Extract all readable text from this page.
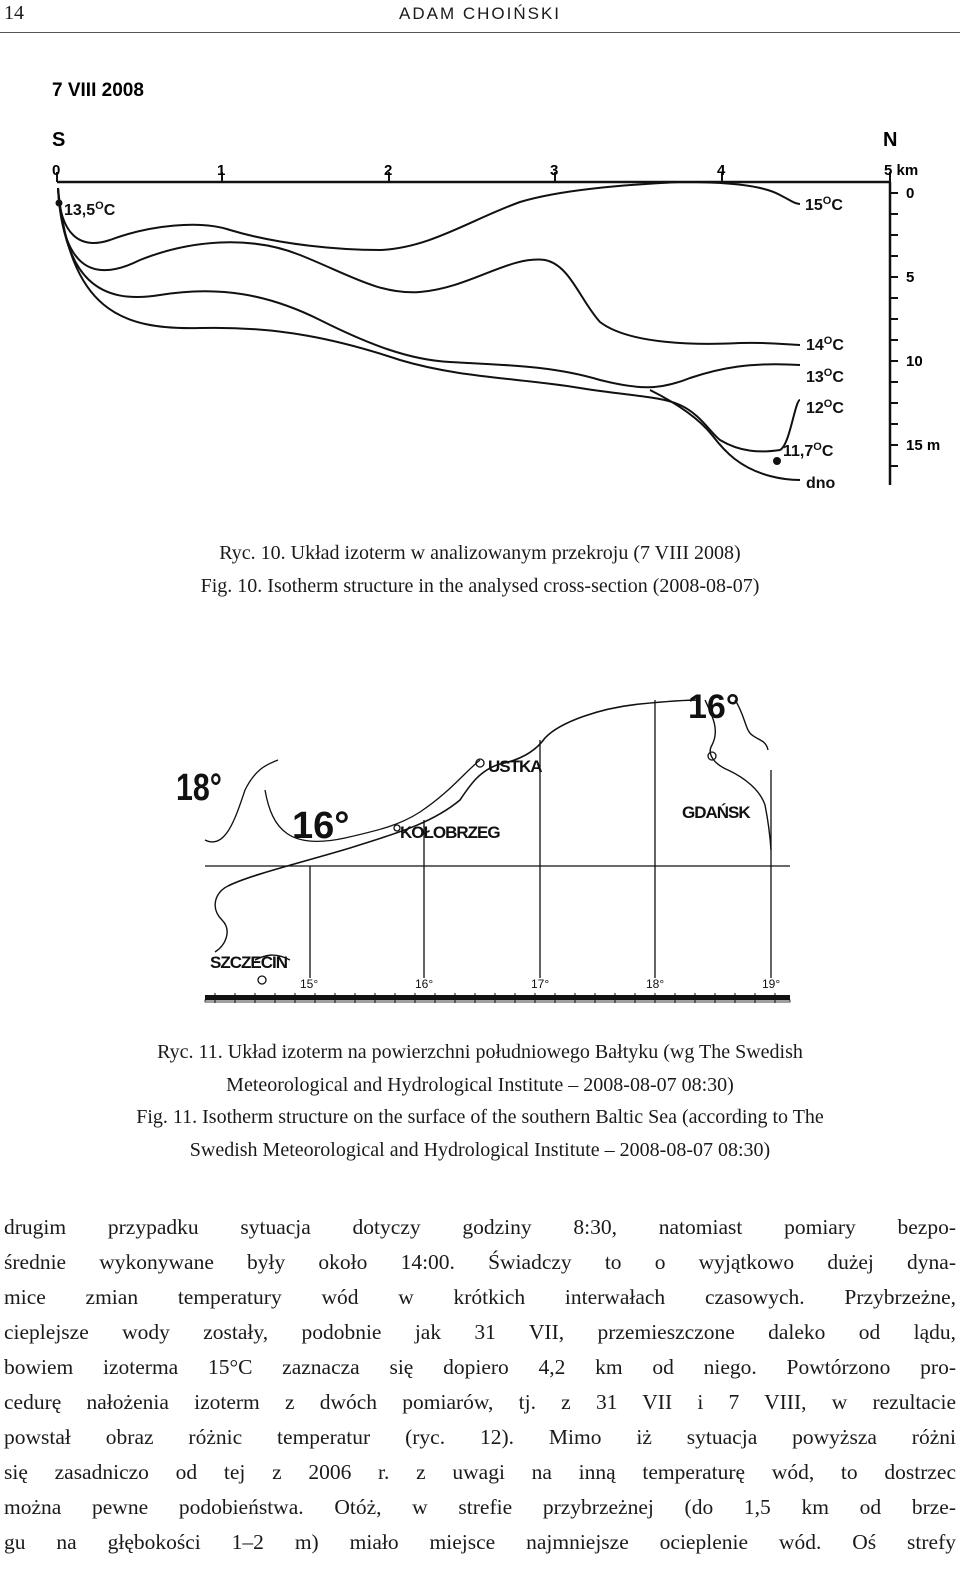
14	ADAM CHOIŃSKI
7 VIII 2008
S	N
0	1	2	3	4	5 km
0
5
10
15 m
$13,5^OC$	$15^OC$
$14^OC$
$13^OC$
$12^OC$
$11,7^OC$
dno
Ryc. 10. Układ izoterm w analizowanym przekroju (7 VIII 2008)
Fig. 10. Isotherm structure in the analysed cross-section (2008-08-07)
18°
16°
16°
USTKA
KOŁOBRZEG
GDAŃSK
SZCZECIN
15°	16°	17°	18°	19°
Ryc. 11. Układ izoterm na powierzchni południowego Bałtyku (wg The Swedish
Meteorological and Hydrological Institute – 2008-08-07 08:30)
Fig. 11. Isotherm structure on the surface of the southern Baltic Sea (according to The
Swedish Meteorological and Hydrological Institute – 2008-08-07 08:30)
drugim przypadku sytuacja dotyczy godziny 8:30, natomiast pomiary bezpo-
średnie wykonywane były około 14:00. Świadczy to o wyjątkowo dużej dyna-
mice zmian temperatury wód w krótkich interwałach czasowych. Przybrzeżne,
cieplejsze wody zostały, podobnie jak 31 VII, przemieszczone daleko od lądu,
bowiem izoterma 15°C zaznacza się dopiero 4,2 km od niego. Powtórzono pro-
cedurę nałożenia izoterm z dwóch pomiarów, tj. z 31 VII i 7 VIII, w rezultacie
powstał obraz różnic temperatur (ryc. 12). Mimo iż sytuacja powyższa różni
się zasadniczo od tej z 2006 r. z uwagi na inną temperaturę wód, to dostrzec
można pewne podobieństwa. Otóż, w strefie przybrzeżnej (do 1,5 km od brze-
gu na głębokości 1–2 m) miało miejsce najmniejsze ocieplenie wód. Oś strefy
